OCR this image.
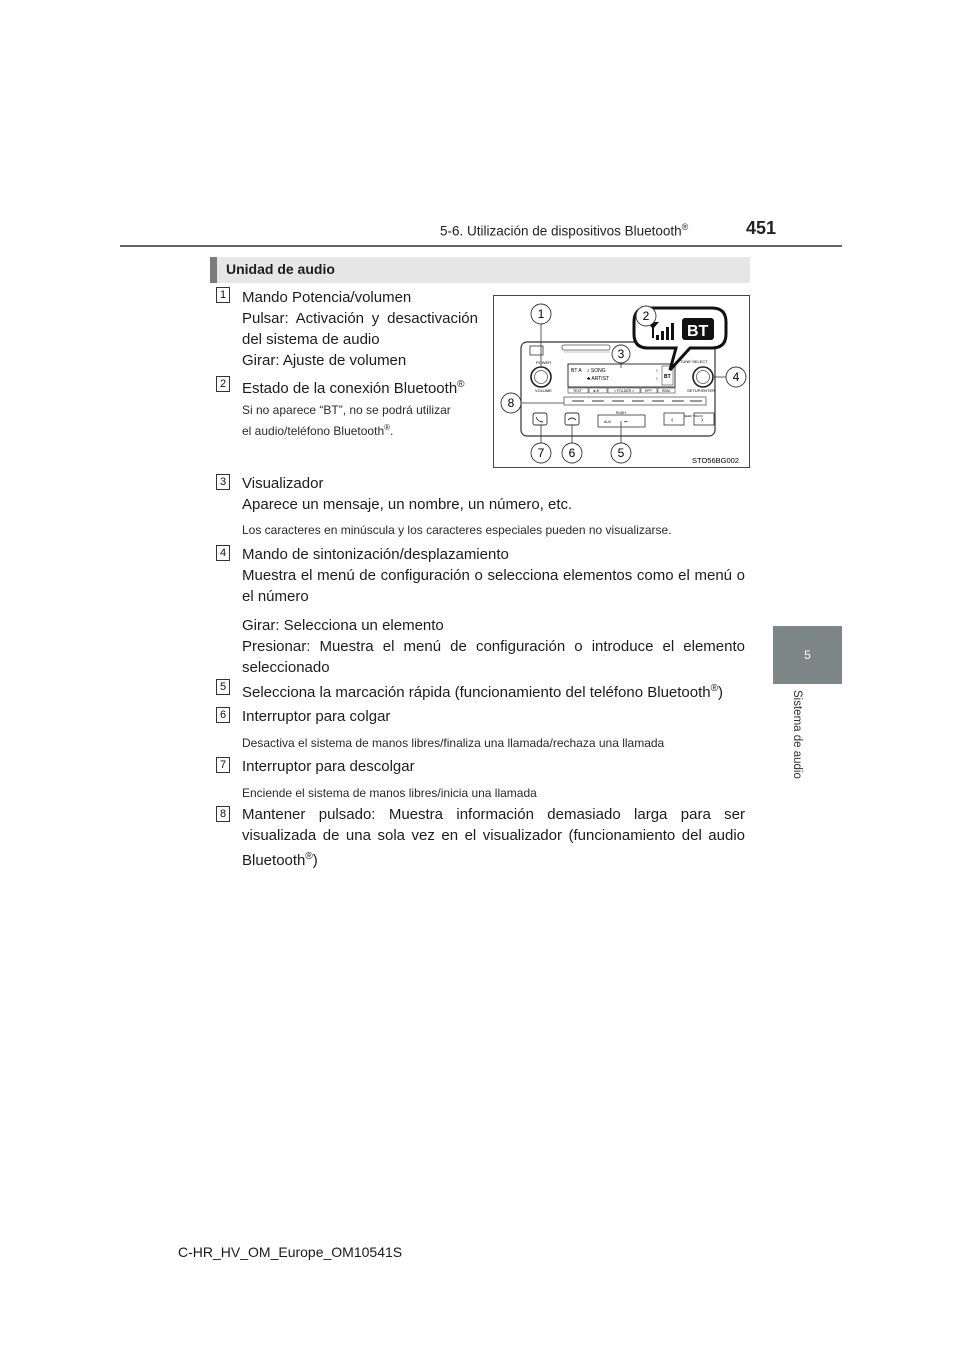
5-6. Utilización de dispositivos Bluetooth®	451
5
Sistema de audio
Unidad de audio
1 Mando Potencia/volumen
Pulsar: Activación y desactivación
del sistema de audio
Girar: Ajuste de volumen
2 Estado de la conexión Bluetooth®
Si no aparece “BT”, no se podrá utilizar
el audio/teléfono Bluetooth®.
POWER
VOLUME
BT A ♪ SONG
♣ ARTIST
›
› BT
TEXT	►/II	< FOLDER >	RPT	RDM
TUNE·SELECT
SETUP/ENTER
PUSH
AUX	⭠	‹	›
SEEK TRACK
BT
1	2
3
4
5
6
7
8
STO56BG002
3 Visualizador
Aparece un mensaje, un nombre, un número, etc.
Los caracteres en minúscula y los caracteres especiales pueden no visualizarse.
4 Mando de sintonización/desplazamiento
Muestra el menú de configuración o selecciona elementos como el menú o el número
Girar: Selecciona un elemento
Presionar: Muestra el menú de configuración o introduce el elemento seleccionado
5 Selecciona la marcación rápida (funcionamiento del teléfono Bluetooth®)
6 Interruptor para colgar
Desactiva el sistema de manos libres/finaliza una llamada/rechaza una llamada
7 Interruptor para descolgar
Enciende el sistema de manos libres/inicia una llamada
8 Mantener pulsado: Muestra información demasiado larga para ser visualizada de una sola vez en el visualizador (funcionamiento del audio Bluetooth®)
C-HR_HV_OM_Europe_OM10541S
